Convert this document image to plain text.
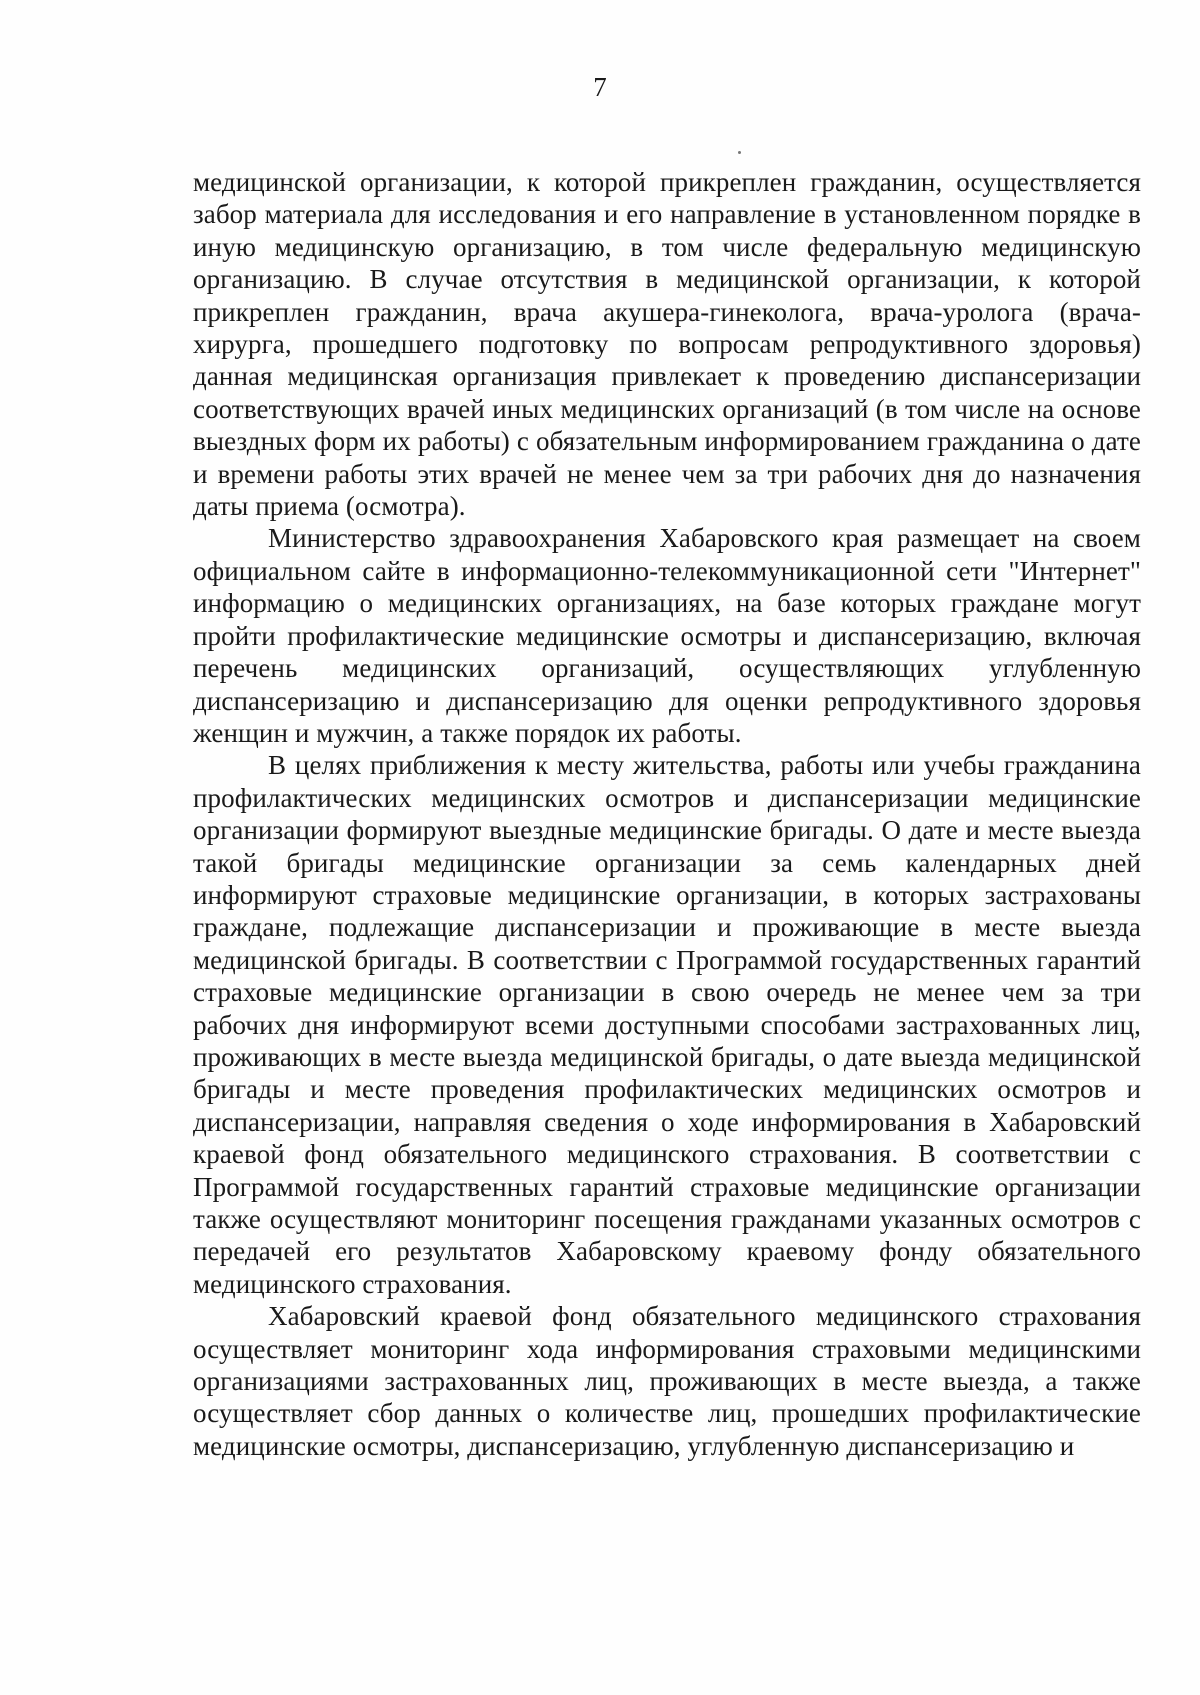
7

медицинской организации, к которой прикреплен гражданин, осуществляется забор материала для исследования и его направление в установленном порядке в иную медицинскую организацию, в том числе федеральную медицинскую организацию. В случае отсутствия в медицинской организации, к которой прикреплен гражданин, врача акушера-гинеколога, врача-уролога (врача-хирурга, прошедшего подготовку по вопросам репродуктивного здоровья) данная медицинская организация привлекает к проведению диспансеризации соответствующих врачей иных медицинских организаций (в том числе на основе выездных форм их работы) с обязательным информированием гражданина о дате и времени работы этих врачей не менее чем за три рабочих дня до назначения даты приема (осмотра).

Министерство здравоохранения Хабаровского края размещает на своем официальном сайте в информационно-телекоммуникационной сети "Интернет" информацию о медицинских организациях, на базе которых граждане могут пройти профилактические медицинские осмотры и диспансеризацию, включая перечень медицинских организаций, осуществляющих углубленную диспансеризацию и диспансеризацию для оценки репродуктивного здоровья женщин и мужчин, а также порядок их работы.

В целях приближения к месту жительства, работы или учебы гражданина профилактических медицинских осмотров и диспансеризации медицинские организации формируют выездные медицинские бригады. О дате и месте выезда такой бригады медицинские организации за семь календарных дней информируют страховые медицинские организации, в которых застрахованы граждане, подлежащие диспансеризации и проживающие в месте выезда медицинской бригады. В соответствии с Программой государственных гарантий страховые медицинские организации в свою очередь не менее чем за три рабочих дня информируют всеми доступными способами застрахованных лиц, проживающих в месте выезда медицинской бригады, о дате выезда медицинской бригады и месте проведения профилактических медицинских осмотров и диспансеризации, направляя сведения о ходе информирования в Хабаровский краевой фонд обязательного медицинского страхования. В соответствии с Программой государственных гарантий страховые медицинские организации также осуществляют мониторинг посещения гражданами указанных осмотров с передачей его результатов Хабаровскому краевому фонду обязательного медицинского страхования.

Хабаровский краевой фонд обязательного медицинского страхования осуществляет мониторинг хода информирования страховыми медицинскими организациями застрахованных лиц, проживающих в месте выезда, а также осуществляет сбор данных о количестве лиц, прошедших профилактические медицинские осмотры, диспансеризацию, углубленную диспансеризацию и
